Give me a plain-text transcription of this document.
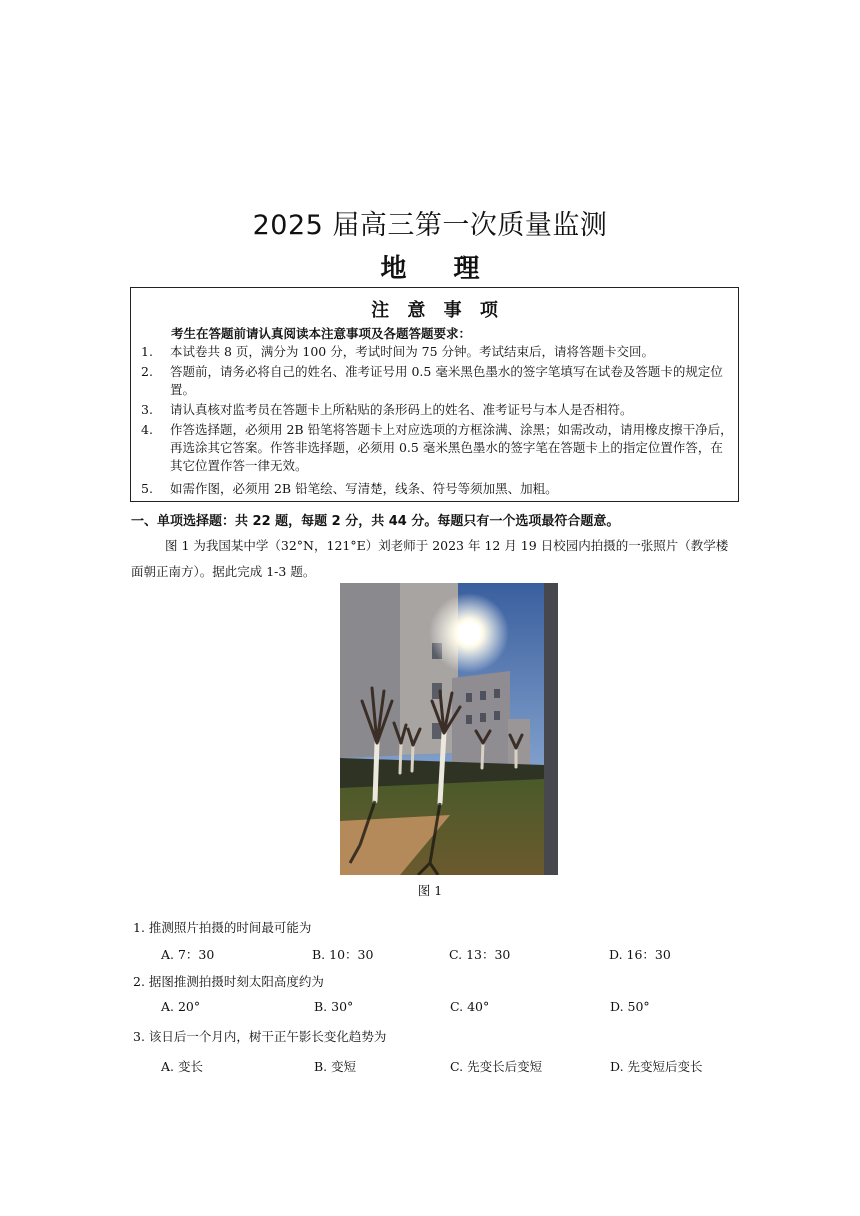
2025 届高三第一次质量监测
地 理
注 意 事 项
考生在答题前请认真阅读本注意事项及各题答题要求：
1. 本试卷共 8 页，满分为 100 分，考试时间为 75 分钟。考试结束后，请将答题卡交回。
2. 答题前，请务必将自己的姓名、准考证号用 0.5 毫米黑色墨水的签字笔填写在试卷及答题卡的规定位置。
3. 请认真核对监考员在答题卡上所粘贴的条形码上的姓名、准考证号与本人是否相符。
4. 作答选择题，必须用 2B 铅笔将答题卡上对应选项的方框涂满、涂黑；如需改动，请用橡皮擦干净后，再选涂其它答案。作答非选择题，必须用 0.5 毫米黑色墨水的签字笔在答题卡上的指定位置作答，在其它位置作答一律无效。
5. 如需作图，必须用 2B 铅笔绘、写清楚，线条、符号等须加黑、加粗。
一、单项选择题：共 22 题，每题 2 分，共 44 分。每题只有一个选项最符合题意。
图 1 为我国某中学（32°N，121°E）刘老师于 2023 年 12 月 19 日校园内拍摄的一张照片（教学楼面朝正南方）。据此完成 1-3 题。
图 1
1. 推测照片拍摄的时间最可能为
A. 7：30	B. 10：30	C. 13：30	D. 16：30
2. 据图推测拍摄时刻太阳高度约为
A. 20°	B. 30°	C. 40°	D. 50°
3. 该日后一个月内，树干正午影长变化趋势为
A. 变长	B. 变短	C. 先变长后变短	D. 先变短后变长
